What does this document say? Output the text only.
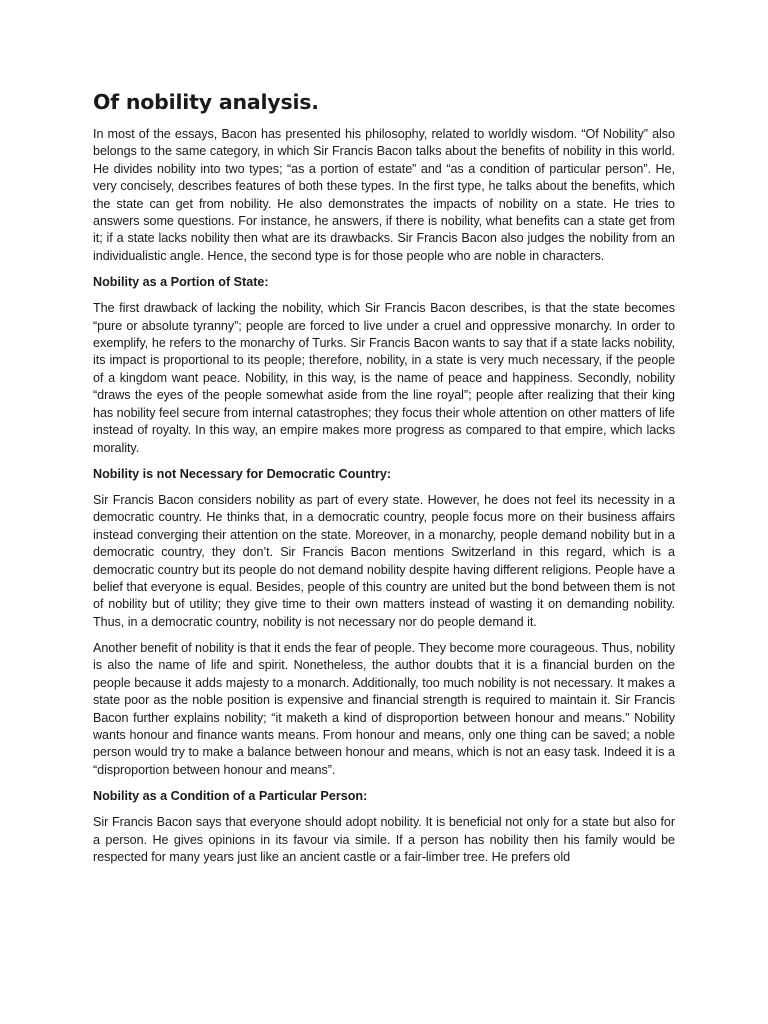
Of nobility analysis.

In most of the essays, Bacon has presented his philosophy, related to worldly wisdom. “Of Nobility” also belongs to the same category, in which Sir Francis Bacon talks about the benefits of nobility in this world. He divides nobility into two types; “as a portion of estate” and “as a condition of particular person”. He, very concisely, describes features of both these types. In the first type, he talks about the benefits, which the state can get from nobility. He also demonstrates the impacts of nobility on a state. He tries to answers some questions. For instance, he answers, if there is nobility, what benefits can a state get from it; if a state lacks nobility then what are its drawbacks. Sir Francis Bacon also judges the nobility from an individualistic angle. Hence, the second type is for those people who are noble in characters.

Nobility as a Portion of State:

The first drawback of lacking the nobility, which Sir Francis Bacon describes, is that the state becomes “pure or absolute tyranny”; people are forced to live under a cruel and oppressive monarchy. In order to exemplify, he refers to the monarchy of Turks. Sir Francis Bacon wants to say that if a state lacks nobility, its impact is proportional to its people; therefore, nobility, in a state is very much necessary, if the people of a kingdom want peace. Nobility, in this way, is the name of peace and happiness. Secondly, nobility “draws the eyes of the people somewhat aside from the line royal”; people after realizing that their king has nobility feel secure from internal catastrophes; they focus their whole attention on other matters of life instead of royalty. In this way, an empire makes more progress as compared to that empire, which lacks morality.

Nobility is not Necessary for Democratic Country:

Sir Francis Bacon considers nobility as part of every state. However, he does not feel its necessity in a democratic country. He thinks that, in a democratic country, people focus more on their business affairs instead converging their attention on the state. Moreover, in a monarchy, people demand nobility but in a democratic country, they don’t. Sir Francis Bacon mentions Switzerland in this regard, which is a democratic country but its people do not demand nobility despite having different religions. People have a belief that everyone is equal. Besides, people of this country are united but the bond between them is not of nobility but of utility; they give time to their own matters instead of wasting it on demanding nobility. Thus, in a democratic country, nobility is not necessary nor do people demand it.

Another benefit of nobility is that it ends the fear of people. They become more courageous. Thus, nobility is also the name of life and spirit. Nonetheless, the author doubts that it is a financial burden on the people because it adds majesty to a monarch. Additionally, too much nobility is not necessary. It makes a state poor as the noble position is expensive and financial strength is required to maintain it. Sir Francis Bacon further explains nobility; “it maketh a kind of disproportion between honour and means.” Nobility wants honour and finance wants means. From honour and means, only one thing can be saved; a noble person would try to make a balance between honour and means, which is not an easy task. Indeed it is a “disproportion between honour and means”.

Nobility as a Condition of a Particular Person:

Sir Francis Bacon says that everyone should adopt nobility. It is beneficial not only for a state but also for a person. He gives opinions in its favour via simile. If a person has nobility then his family would be respected for many years just like an ancient castle or a fair-limber tree. He prefers old
